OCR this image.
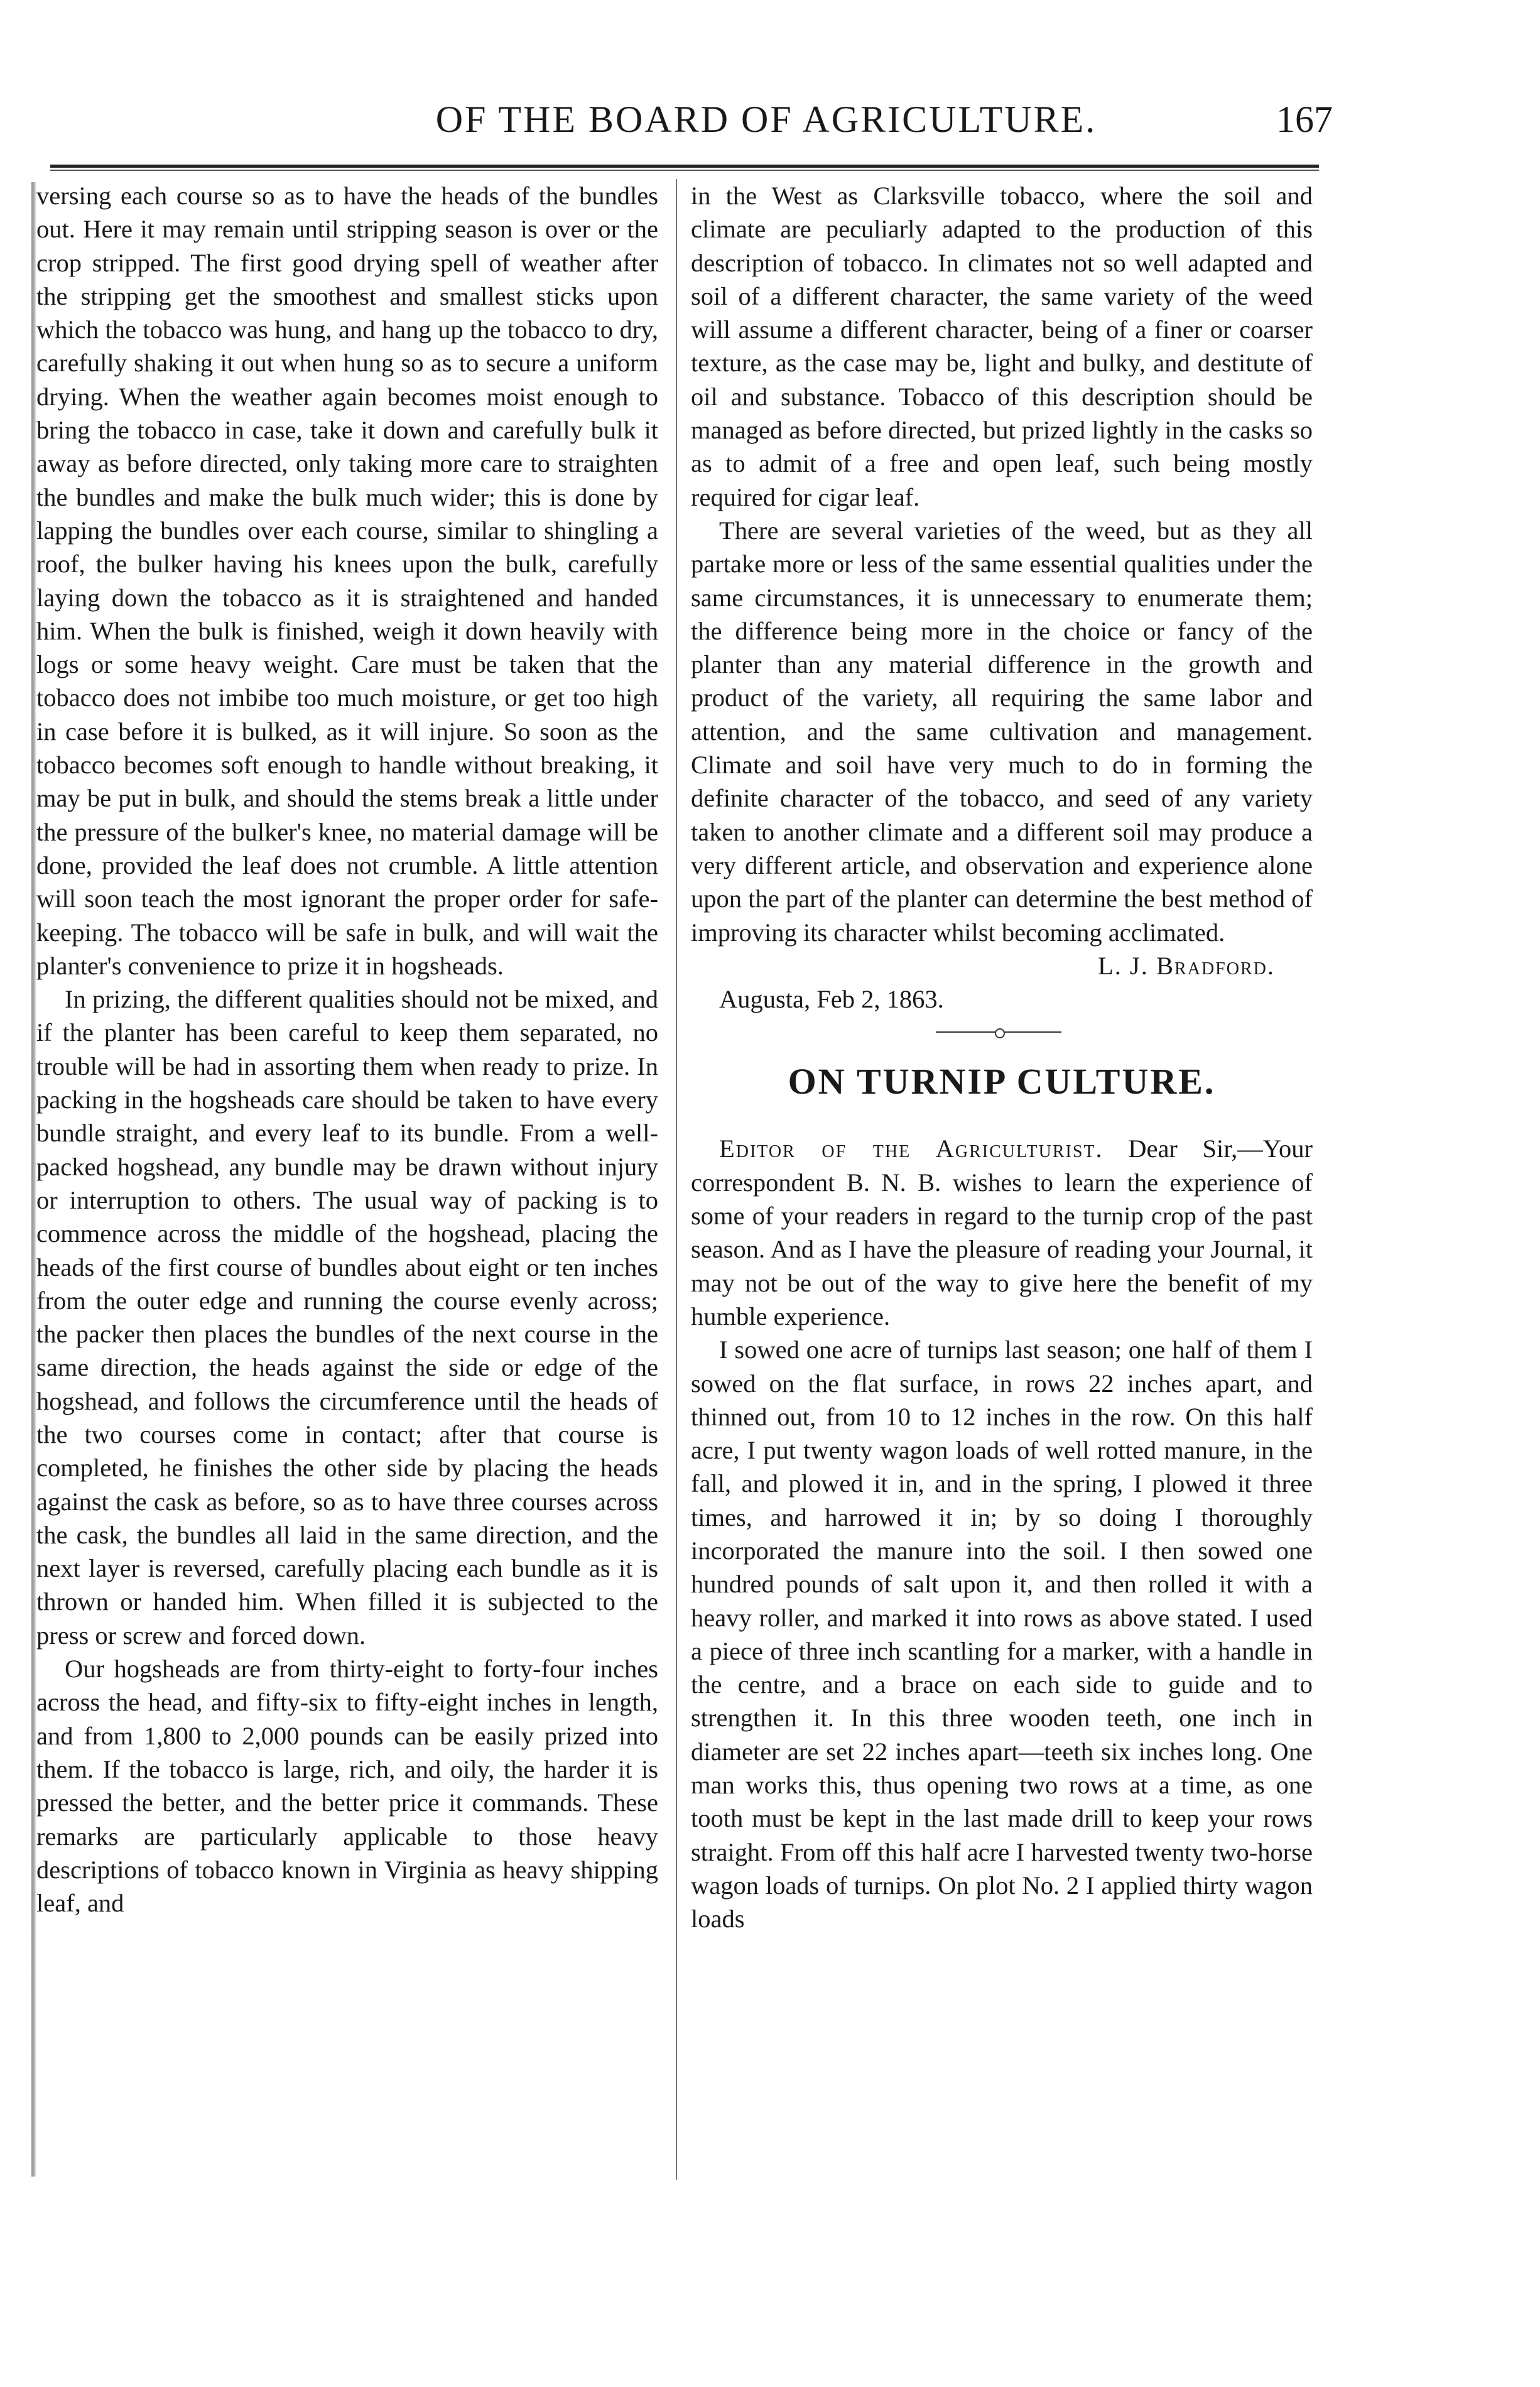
OF THE BOARD OF AGRICULTURE.	167

versing each course so as to have the heads of the bundles out. Here it may remain until stripping season is over or the crop stripped. The first good drying spell of weather after the stripping get the smoothest and smallest sticks upon which the tobacco was hung, and hang up the tobacco to dry, carefully shaking it out when hung so as to secure a uniform drying. When the weather again becomes moist enough to bring the tobacco in case, take it down and carefully bulk it away as before directed, only taking more care to straighten the bundles and make the bulk much wider; this is done by lapping the bundles over each course, similar to shingling a roof, the bulker having his knees upon the bulk, carefully laying down the tobacco as it is straightened and handed him. When the bulk is finished, weigh it down heavily with logs or some heavy weight. Care must be taken that the tobacco does not imbibe too much moisture, or get too high in case before it is bulked, as it will injure. So soon as the tobacco becomes soft enough to handle without breaking, it may be put in bulk, and should the stems break a little under the pressure of the bulker's knee, no material damage will be done, provided the leaf does not crumble. A little attention will soon teach the most ignorant the proper order for safe-keeping. The tobacco will be safe in bulk, and will wait the planter's convenience to prize it in hogsheads.

In prizing, the different qualities should not be mixed, and if the planter has been careful to keep them separated, no trouble will be had in assorting them when ready to prize. In packing in the hogsheads care should be taken to have every bundle straight, and every leaf to its bundle. From a well-packed hogshead, any bundle may be drawn without injury or interruption to others. The usual way of packing is to commence across the middle of the hogshead, placing the heads of the first course of bundles about eight or ten inches from the outer edge and running the course evenly across; the packer then places the bundles of the next course in the same direction, the heads against the side or edge of the hogshead, and follows the circumference until the heads of the two courses come in contact; after that course is completed, he finishes the other side by placing the heads against the cask as before, so as to have three courses across the cask, the bundles all laid in the same direction, and the next layer is reversed, carefully placing each bundle as it is thrown or handed him. When filled it is subjected to the press or screw and forced down.

Our hogsheads are from thirty-eight to forty-four inches across the head, and fifty-six to fifty-eight inches in length, and from 1,800 to 2,000 pounds can be easily prized into them. If the tobacco is large, rich, and oily, the harder it is pressed the better, and the better price it commands. These remarks are particularly applicable to those heavy descriptions of tobacco known in Virginia as heavy shipping leaf, and

in the West as Clarksville tobacco, where the soil and climate are peculiarly adapted to the production of this description of tobacco. In climates not so well adapted and soil of a different character, the same variety of the weed will assume a different character, being of a finer or coarser texture, as the case may be, light and bulky, and destitute of oil and substance. Tobacco of this description should be managed as before directed, but prized lightly in the casks so as to admit of a free and open leaf, such being mostly required for cigar leaf.

There are several varieties of the weed, but as they all partake more or less of the same essential qualities under the same circumstances, it is unnecessary to enumerate them; the difference being more in the choice or fancy of the planter than any material difference in the growth and product of the variety, all requiring the same labor and attention, and the same cultivation and management. Climate and soil have very much to do in forming the definite character of the tobacco, and seed of any variety taken to another climate and a different soil may produce a very different article, and observation and experience alone upon the part of the planter can determine the best method of improving its character whilst becoming acclimated.

L. J. Bradford.

Augusta, Feb 2, 1863.

ON TURNIP CULTURE.

Editor of the Agriculturist. Dear Sir,—Your correspondent B. N. B. wishes to learn the experience of some of your readers in regard to the turnip crop of the past season. And as I have the pleasure of reading your Journal, it may not be out of the way to give here the benefit of my humble experience.

I sowed one acre of turnips last season; one half of them I sowed on the flat surface, in rows 22 inches apart, and thinned out, from 10 to 12 inches in the row. On this half acre, I put twenty wagon loads of well rotted manure, in the fall, and plowed it in, and in the spring, I plowed it three times, and harrowed it in; by so doing I thoroughly incorporated the manure into the soil. I then sowed one hundred pounds of salt upon it, and then rolled it with a heavy roller, and marked it into rows as above stated. I used a piece of three inch scantling for a marker, with a handle in the centre, and a brace on each side to guide and to strengthen it. In this three wooden teeth, one inch in diameter are set 22 inches apart—teeth six inches long. One man works this, thus opening two rows at a time, as one tooth must be kept in the last made drill to keep your rows straight. From off this half acre I harvested twenty two-horse wagon loads of turnips. On plot No. 2 I applied thirty wagon loads
